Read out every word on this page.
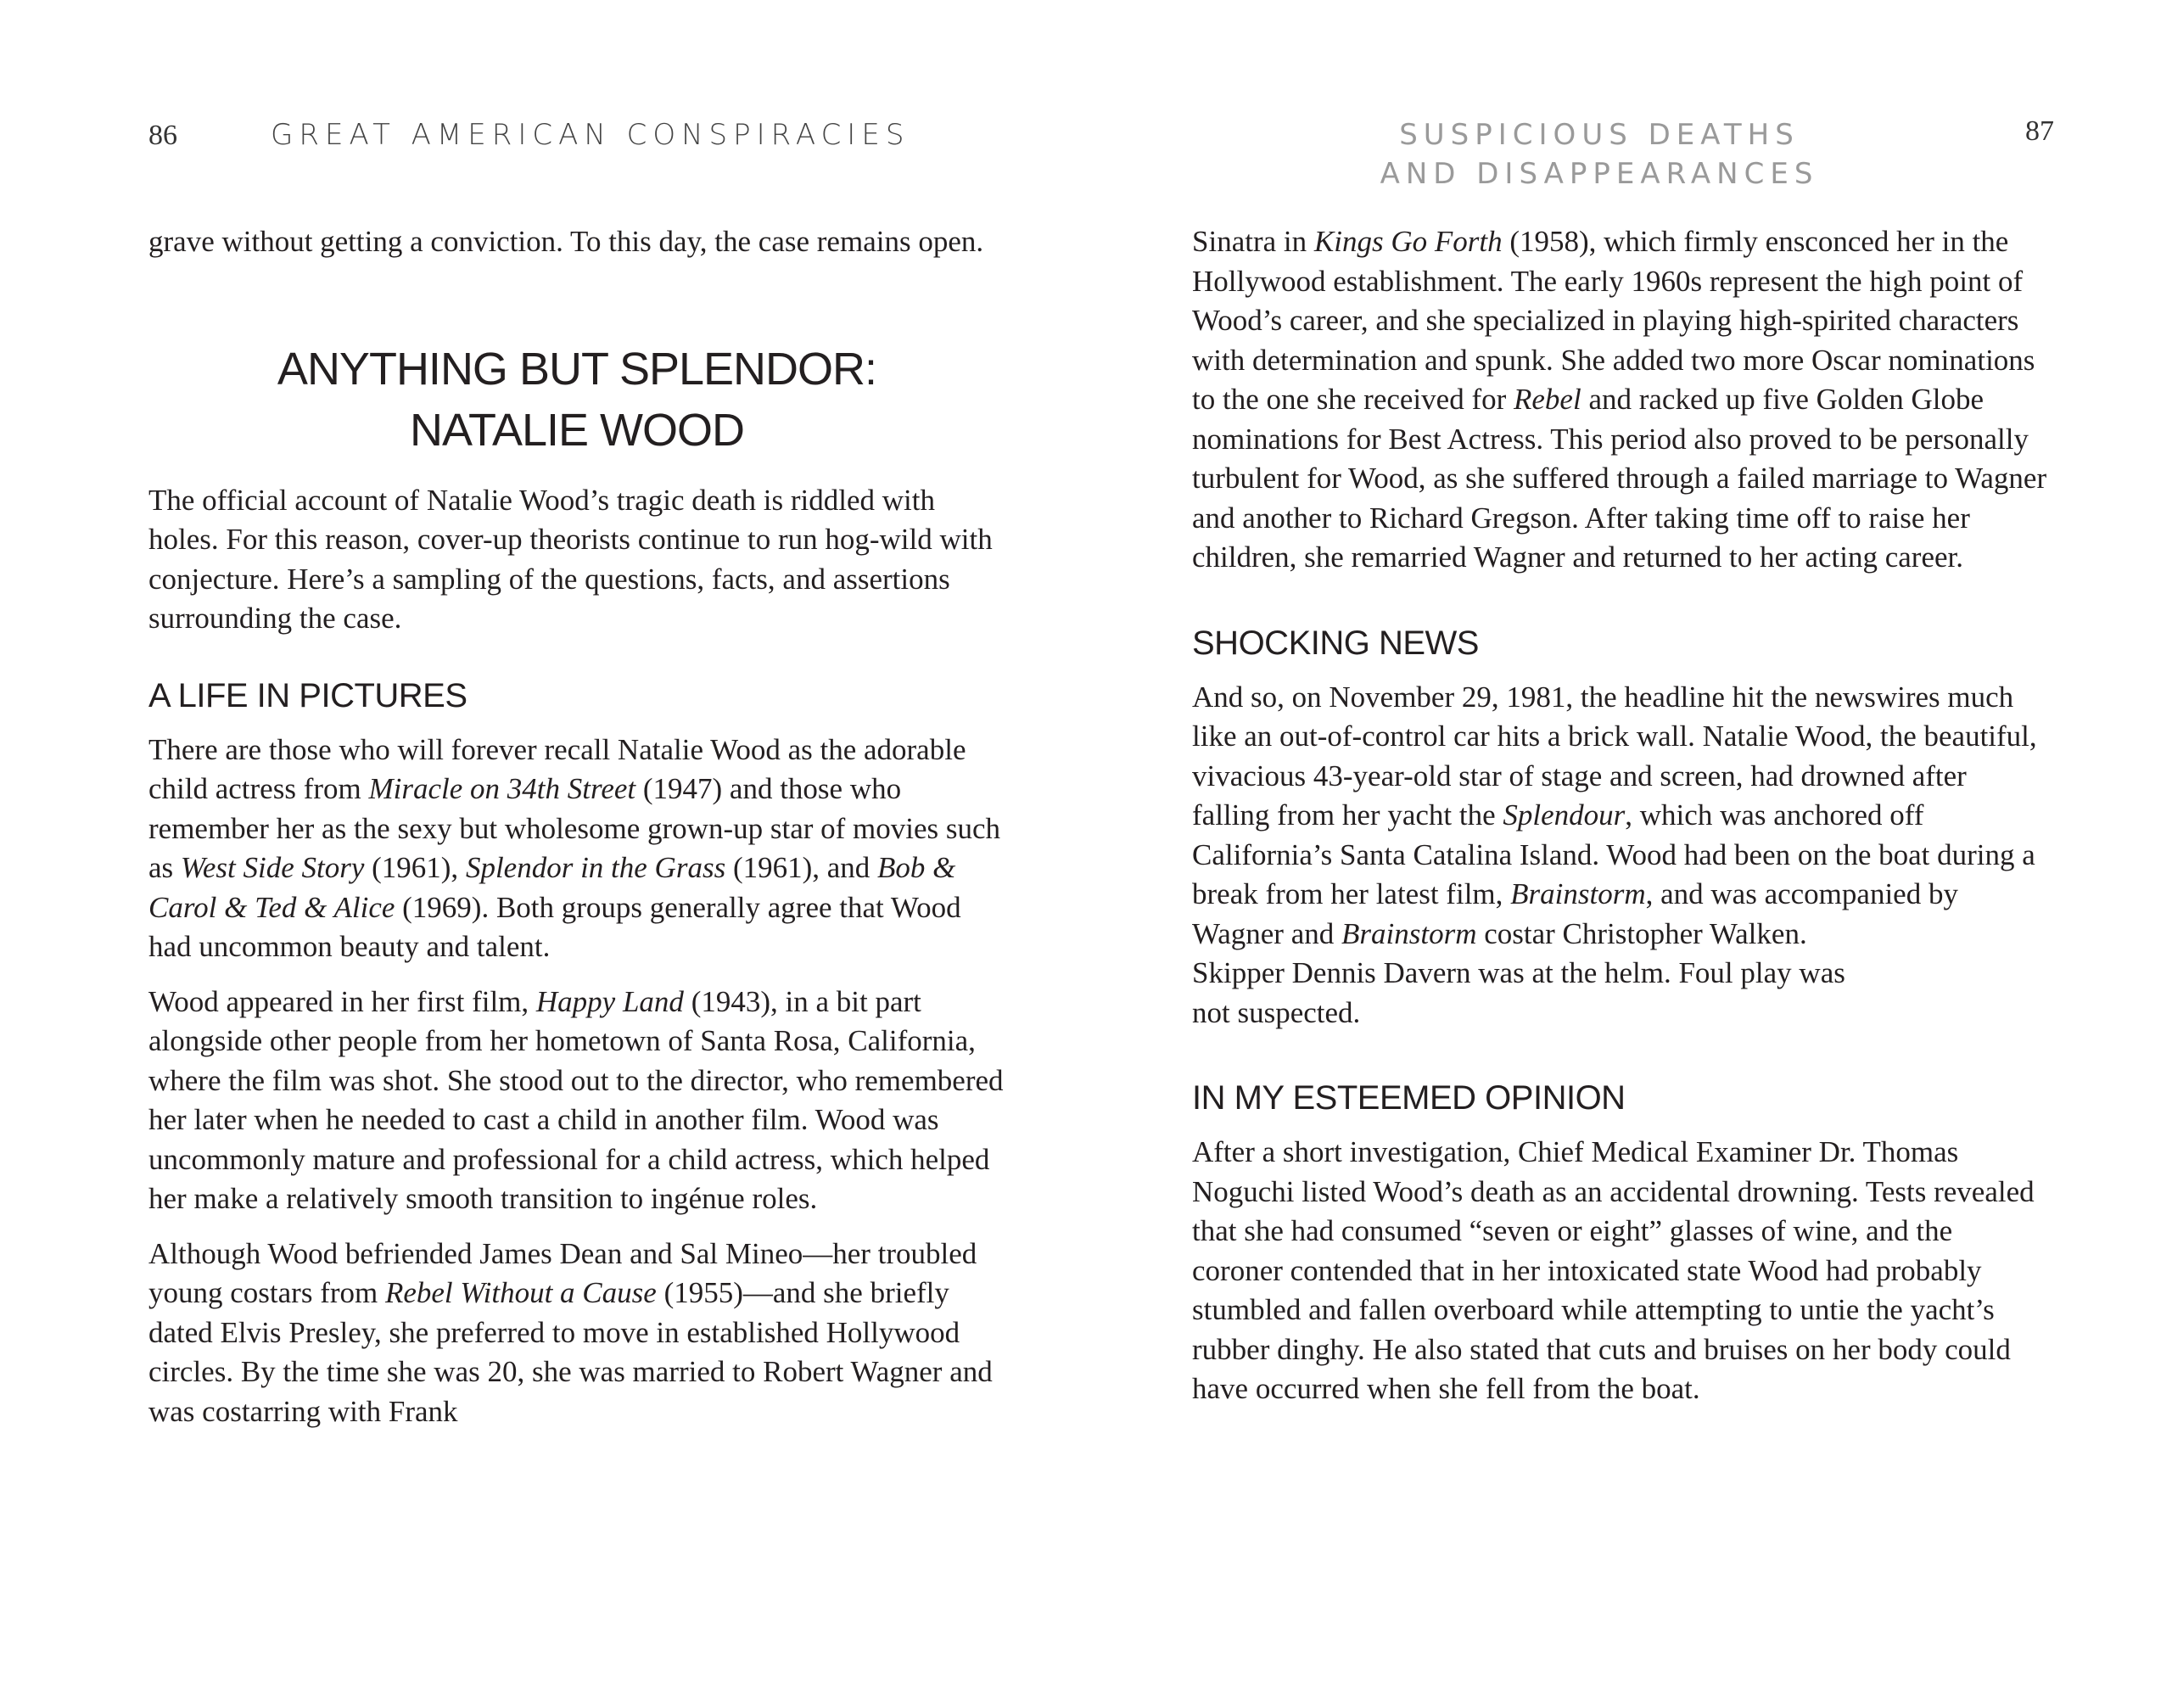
86	GREAT AMERICAN CONSPIRACIES

grave without getting a conviction. To this day, the case remains open.

ANYTHING BUT SPLENDOR:
NATALIE WOOD

The official account of Natalie Wood’s tragic death is riddled with holes. For this reason, cover-up theorists continue to run hog-wild with conjecture. Here’s a sampling of the questions, facts, and assertions surrounding the case.

A LIFE IN PICTURES

There are those who will forever recall Natalie Wood as the adorable child actress from Miracle on 34th Street (1947) and those who remember her as the sexy but wholesome grown-up star of movies such as West Side Story (1961), Splendor in the Grass (1961), and Bob & Carol & Ted & Alice (1969). Both groups generally agree that Wood had uncommon beauty and talent.

Wood appeared in her first film, Happy Land (1943), in a bit part alongside other people from her hometown of Santa Rosa, California, where the film was shot. She stood out to the director, who remembered her later when he needed to cast a child in another film. Wood was uncommonly mature and professional for a child actress, which helped her make a relatively smooth transition to ingénue roles.

Although Wood befriended James Dean and Sal Mineo—her troubled young costars from Rebel Without a Cause (1955)—and she briefly dated Elvis Presley, she preferred to move in established Hollywood circles. By the time she was 20, she was married to Robert Wagner and was costarring with Frank

SUSPICIOUS DEATHS
AND DISAPPEARANCES
87

Sinatra in Kings Go Forth (1958), which firmly ensconced her in the Hollywood establishment. The early 1960s represent the high point of Wood’s career, and she specialized in playing high-spirited characters with determination and spunk. She added two more Oscar nominations to the one she received for Rebel and racked up five Golden Globe nominations for Best Actress. This period also proved to be personally turbulent for Wood, as she suffered through a failed marriage to Wagner and another to Richard Gregson. After taking time off to raise her children, she remarried Wagner and returned to her acting career.

SHOCKING NEWS

And so, on November 29, 1981, the headline hit the newswires much like an out-of-control car hits a brick wall. Natalie Wood, the beautiful, vivacious 43-year-old star of stage and screen, had drowned after falling from her yacht the Splendour, which was anchored off California’s Santa Catalina Island. Wood had been on the boat during a break from her latest film, Brainstorm, and was accompanied by Wagner and Brainstorm costar Christopher Walken.

Skipper Dennis Davern was at the helm. Foul play was
not suspected.

IN MY ESTEEMED OPINION

After a short investigation, Chief Medical Examiner Dr. Thomas Noguchi listed Wood’s death as an accidental drowning. Tests revealed that she had consumed “seven or eight” glasses of wine, and the coroner contended that in her intoxicated state Wood had probably stumbled and fallen overboard while attempting to untie the yacht’s rubber dinghy. He also stated that cuts and bruises on her body could have occurred when she fell from the boat.
